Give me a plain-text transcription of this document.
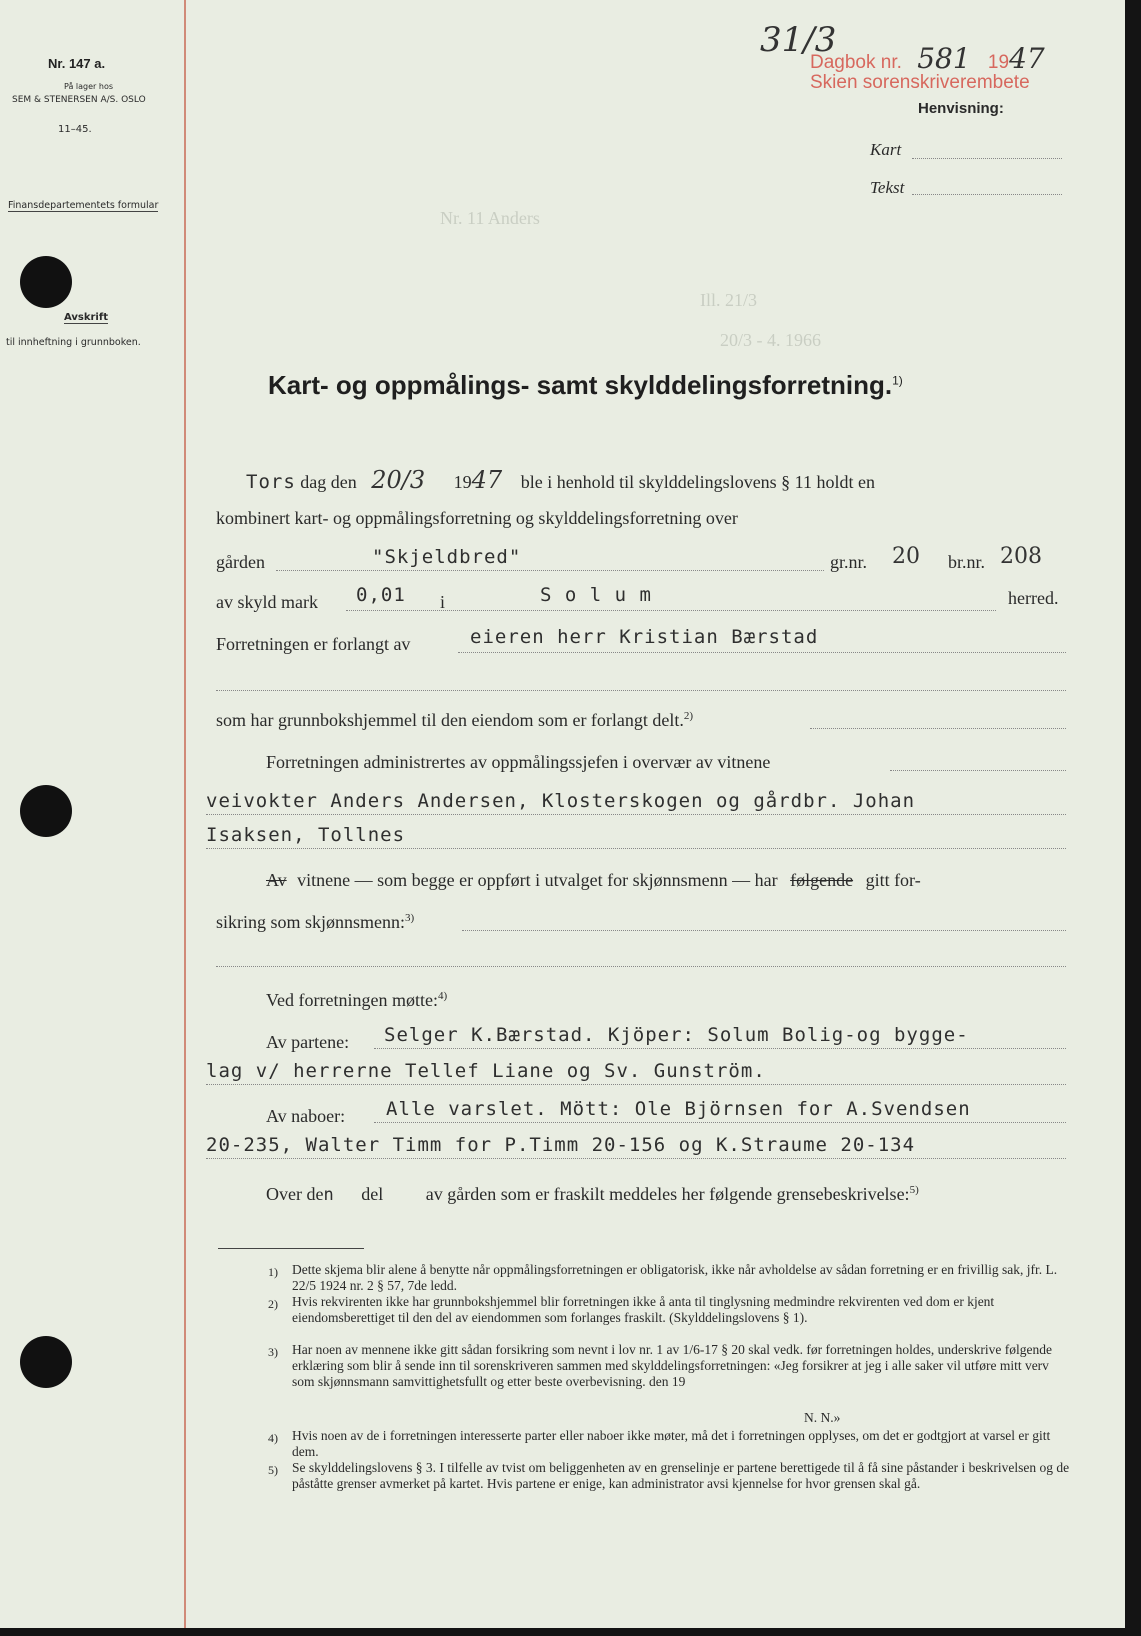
Nr. 147 a.
På lager hos
SEM & STENERSEN A/S. OSLO
11–45.
Finansdepartementets formular
Avskrift
til innheftning i grunnboken.
31/3
Dagbok nr. 581 1947
Skien sorenskriverembete
Henvisning:
Kart
Tekst
Nr. 11 Anders
Ill. 21/3
20/3 - 4. 1966
Kart- og oppmålings- samt skylddelingsforretning.$^{1)}$
Tors dag den 20/3 1947 ble i henhold til skylddelingslovens § 11 holdt en
kombinert kart- og oppmålingsforretning og skylddelingsforretning over
gården	"Skjeldbred"	gr.nr. 20 br.nr. 208
av skyld mark 0,01 i	S o l u m	herred.
Forretningen er forlangt av	eieren herr Kristian Bærstad
som har grunnbokshjemmel til den eiendom som er forlangt delt.$^{2)}$
Forretningen administrertes av oppmålingssjefen i overvær av vitnene
veivokter Anders Andersen, Klosterskogen og gårdbr. Johan
Isaksen, Tollnes
Av vitnene — som begge er oppført i utvalget for skjønnsmenn — har følgende gitt for-
sikring som skjønnsmenn:$^{3)}$
Ved forretningen møtte:$^{4)}$
Av partene: Selger K.Bærstad. Kjöper: Solum Bolig-og bygge-
lag v/ herrerne Tellef Liane og Sv. Gunström.
Av naboer: Alle varslet. Mött: Ole Björnsen for A.Svendsen
20-235, Walter Timm for P.Timm 20-156 og K.Straume 20-134
Over den del av gården som er fraskilt meddeles her følgende grensebeskrivelse:$^{5)}$
1) Dette skjema blir alene å benytte når oppmålingsforretningen er obligatorisk, ikke når avholdelse av sådan forretning er en frivillig sak, jfr. L. 22/5 1924 nr. 2 § 57, 7de ledd.
2) Hvis rekvirenten ikke har grunnbokshjemmel blir forretningen ikke å anta til tinglysning medmindre rekvirenten ved dom er kjent eiendomsberettiget til den del av eiendommen som forlanges fraskilt. (Skylddelingslovens § 1).
3) Har noen av mennene ikke gitt sådan forsikring som nevnt i lov nr. 1 av 1/6-17 § 20 skal vedk. før forretningen holdes, underskrive følgende erklæring som blir å sende inn til sorenskriveren sammen med skylddelingsforretningen: «Jeg forsikrer at jeg i alle saker vil utføre mitt verv som skjønnsmann samvittighetsfullt og etter beste overbevisning. den 19
N. N.»
4) Hvis noen av de i forretningen interesserte parter eller naboer ikke møter, må det i forretningen opplyses, om det er godtgjort at varsel er gitt dem.
5) Se skylddelingslovens § 3. I tilfelle av tvist om beliggenheten av en grenselinje er partene berettigede til å få sine påstander i beskrivelsen og de påståtte grenser avmerket på kartet. Hvis partene er enige, kan administrator avsi kjennelse for hvor grensen skal gå.
